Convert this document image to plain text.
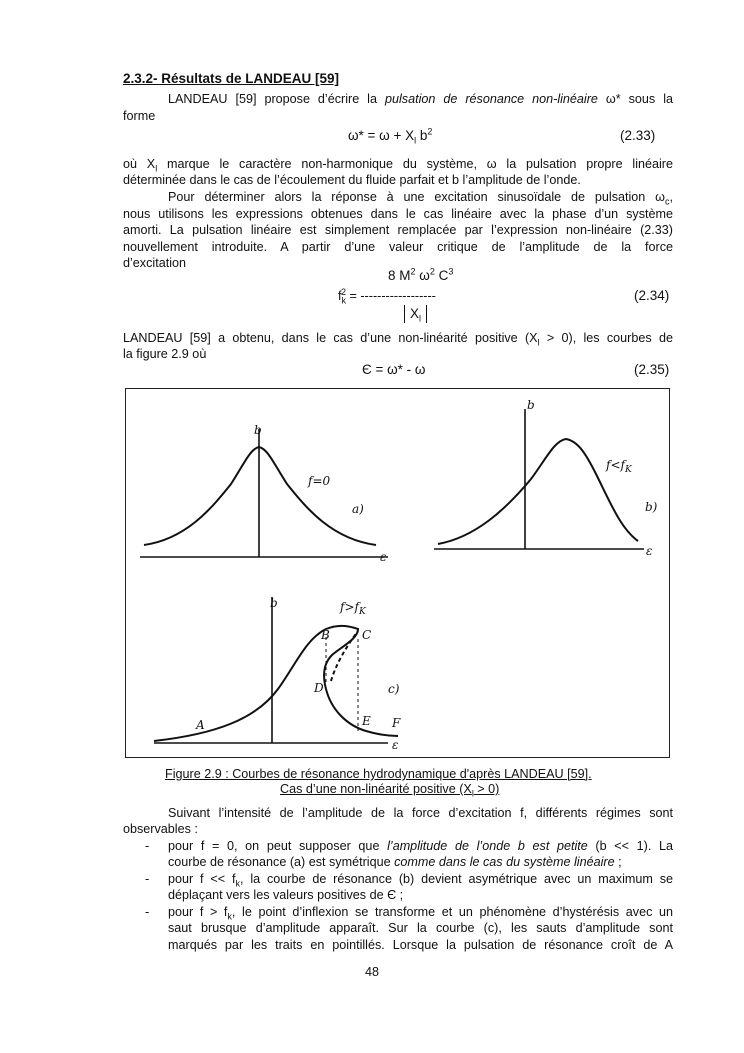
2.3.2- Résultats de LANDEAU [59]
LANDEAU [59] propose d’écrire la pulsation de résonance non-linéaire ω* sous la
forme
$\omega* = \omega + X_l$ $b^2$	(2.33)
où $X_l$ marque le caractère non-harmonique du système, ω la pulsation propre linéaire
déterminée dans le cas de l’écoulement du fluide parfait et b l’amplitude de l’onde.
Pour déterminer alors la réponse à une excitation sinusoïdale de pulsation $\omega_c$,
nous utilisons les expressions obtenues dans le cas linéaire avec la phase d’un système
amorti. La pulsation linéaire est simplement remplacée par l’expression non-linéaire (2.33)
nouvellement introduite. A partir d’une valeur critique de l’amplitude de la force
d’excitation
8 $M^2$ $\omega^2$ $C^3$
$f_k^2$ = ------------------
$X_l$
(2.34)
LANDEAU [59] a obtenu, dans le cas d’une non-linéarité positive $(X_l > 0)$, les courbes de
la figure 2.9 où
Є = ω* - ω	(2.35)
b
f=0
a)
ε
b
$f<f_K$
b)
ε
b	$f>f_K$
B	C
D
E F
A
c)
ε
Figure 2.9 : Courbes de résonance hydrodynamique d'après LANDEAU [59].
Cas d’une non-linéarité positive $(X_l > 0)$
Suivant l’intensité de l’amplitude de la force d’excitation f, différents régimes sont
observables :
- pour f = 0, on peut supposer que l’amplitude de l’onde b est petite (b << 1). La
courbe de résonance (a) est symétrique comme dans le cas du système linéaire ;
- pour $f << f_k$, la courbe de résonance (b) devient asymétrique avec un maximum se
déplaçant vers les valeurs positives de Є ;
- pour $f > f_k$, le point d’inflexion se transforme et un phénomène d’hystérésis avec un
saut brusque d’amplitude apparaît. Sur la courbe (c), les sauts d’amplitude sont
marqués par les traits en pointillés. Lorsque la pulsation de résonance croît de A
48
